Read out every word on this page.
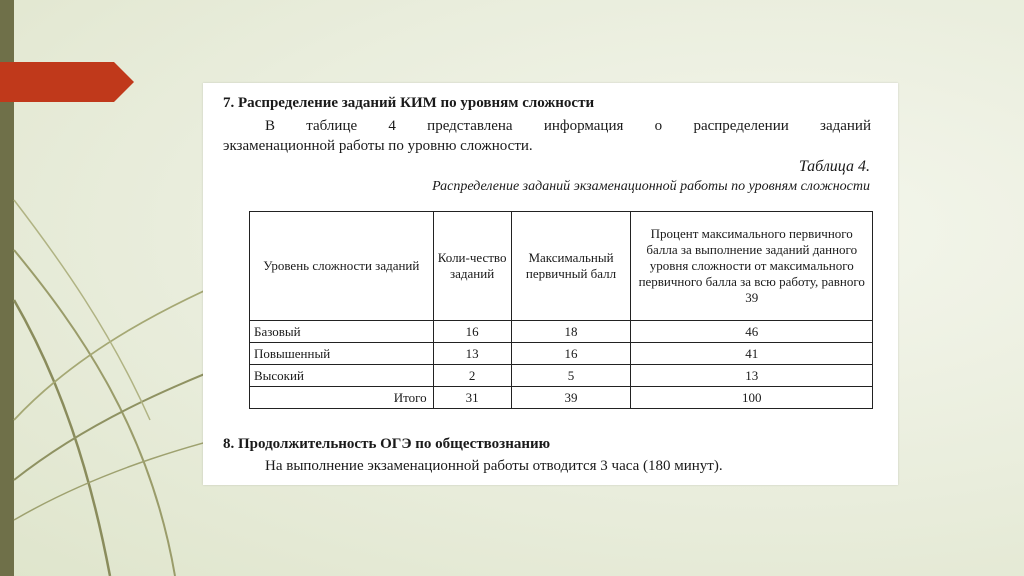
7. Распределение заданий КИМ по уровням сложности
В таблице 4 представлена информация о распределении заданий
экзаменационной работы по уровню сложности.
Таблица 4.
Распределение заданий экзаменационной работы по уровням сложности
Уровень сложности заданий	Коли-чество заданий	Максимальный первичный балл	Процент максимального первичного балла за выполнение заданий данного уровня сложности от максимального первичного балла за всю работу, равного 39
Базовый	16	18	46
Повышенный	13	16	41
Высокий	2	5	13
Итого	31	39	100
8. Продолжительность ОГЭ по обществознанию
На выполнение экзаменационной работы отводится 3 часа (180 минут).
